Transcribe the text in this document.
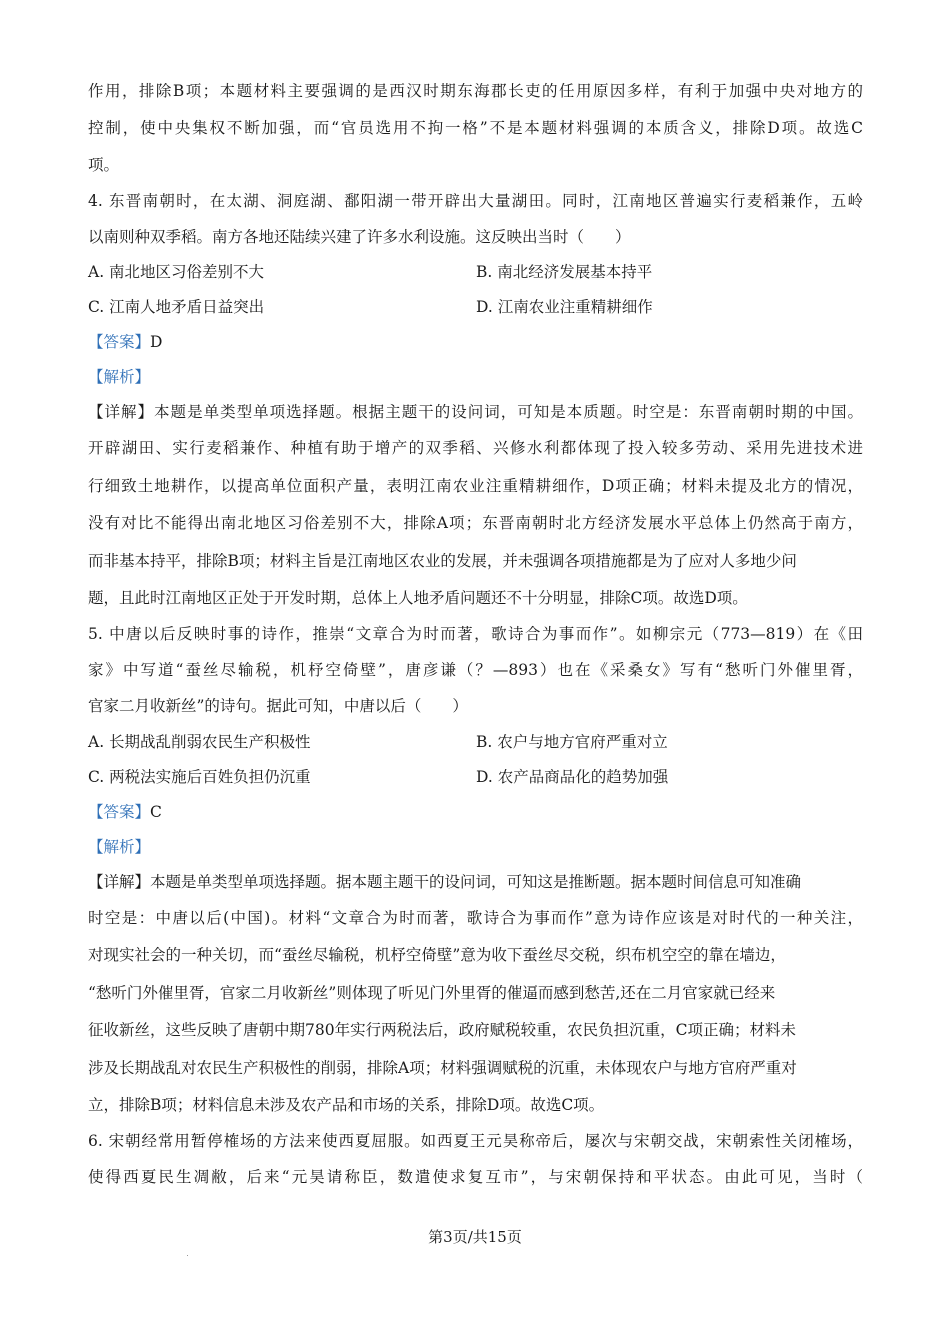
作用，排除B项；本题材料主要强调的是西汉时期东海郡长吏的任用原因多样，有利于加强中央对地方的
控制，使中央集权不断加强，而“官员选用不拘一格”不是本题材料强调的本质含义，排除D项。故选C
项。
4. 东晋南朝时，在太湖、洞庭湖、鄱阳湖一带开辟出大量湖田。同时，江南地区普遍实行麦稻兼作，五岭
以南则种双季稻。南方各地还陆续兴建了许多水利设施。这反映出当时（　　）
A. 南北地区习俗差别不大	B. 南北经济发展基本持平
C. 江南人地矛盾日益突出	D. 江南农业注重精耕细作
【答案】D
【解析】
【详解】本题是单类型单项选择题。根据主题干的设问词，可知是本质题。时空是：东晋南朝时期的中国。
开辟湖田、实行麦稻兼作、种植有助于增产的双季稻、兴修水利都体现了投入较多劳动、采用先进技术进
行细致土地耕作，以提高单位面积产量，表明江南农业注重精耕细作，D项正确；材料未提及北方的情况，
没有对比不能得出南北地区习俗差别不大，排除A项；东晋南朝时北方经济发展水平总体上仍然高于南方，
而非基本持平，排除B项；材料主旨是江南地区农业的发展，并未强调各项措施都是为了应对人多地少问
题，且此时江南地区正处于开发时期，总体上人地矛盾问题还不十分明显，排除C项。故选D项。
5. 中唐以后反映时事的诗作，推崇“文章合为时而著，歌诗合为事而作”。如柳宗元（773—819）在《田
家》中写道“蚕丝尽输税，机杼空倚壁”，唐彦谦（？—893）也在《采桑女》写有“愁听门外催里胥，
官家二月收新丝”的诗句。据此可知，中唐以后（　　）
A. 长期战乱削弱农民生产积极性	B. 农户与地方官府严重对立
C. 两税法实施后百姓负担仍沉重	D. 农产品商品化的趋势加强
【答案】C
【解析】
【详解】本题是单类型单项选择题。据本题主题干的设问词，可知这是推断题。据本题时间信息可知准确
时空是：中唐以后(中国)。材料“文章合为时而著，歌诗合为事而作”意为诗作应该是对时代的一种关注，
对现实社会的一种关切，而“蚕丝尽输税，机杼空倚壁”意为收下蚕丝尽交税，织布机空空的靠在墙边，
“愁听门外催里胥，官家二月收新丝”则体现了听见门外里胥的催逼而感到愁苦,还在二月官家就已经来
征收新丝，这些反映了唐朝中期780年实行两税法后，政府赋税较重，农民负担沉重，C项正确；材料未
涉及长期战乱对农民生产积极性的削弱，排除A项；材料强调赋税的沉重，未体现农户与地方官府严重对
立，排除B项；材料信息未涉及农产品和市场的关系，排除D项。故选C项。
6. 宋朝经常用暂停榷场的方法来使西夏屈服。如西夏王元昊称帝后，屡次与宋朝交战，宋朝索性关闭榷场，
使得西夏民生凋敝，后来“元昊请称臣，数遣使求复互市”，与宋朝保持和平状态。由此可见，当时（
第3页/共15页
